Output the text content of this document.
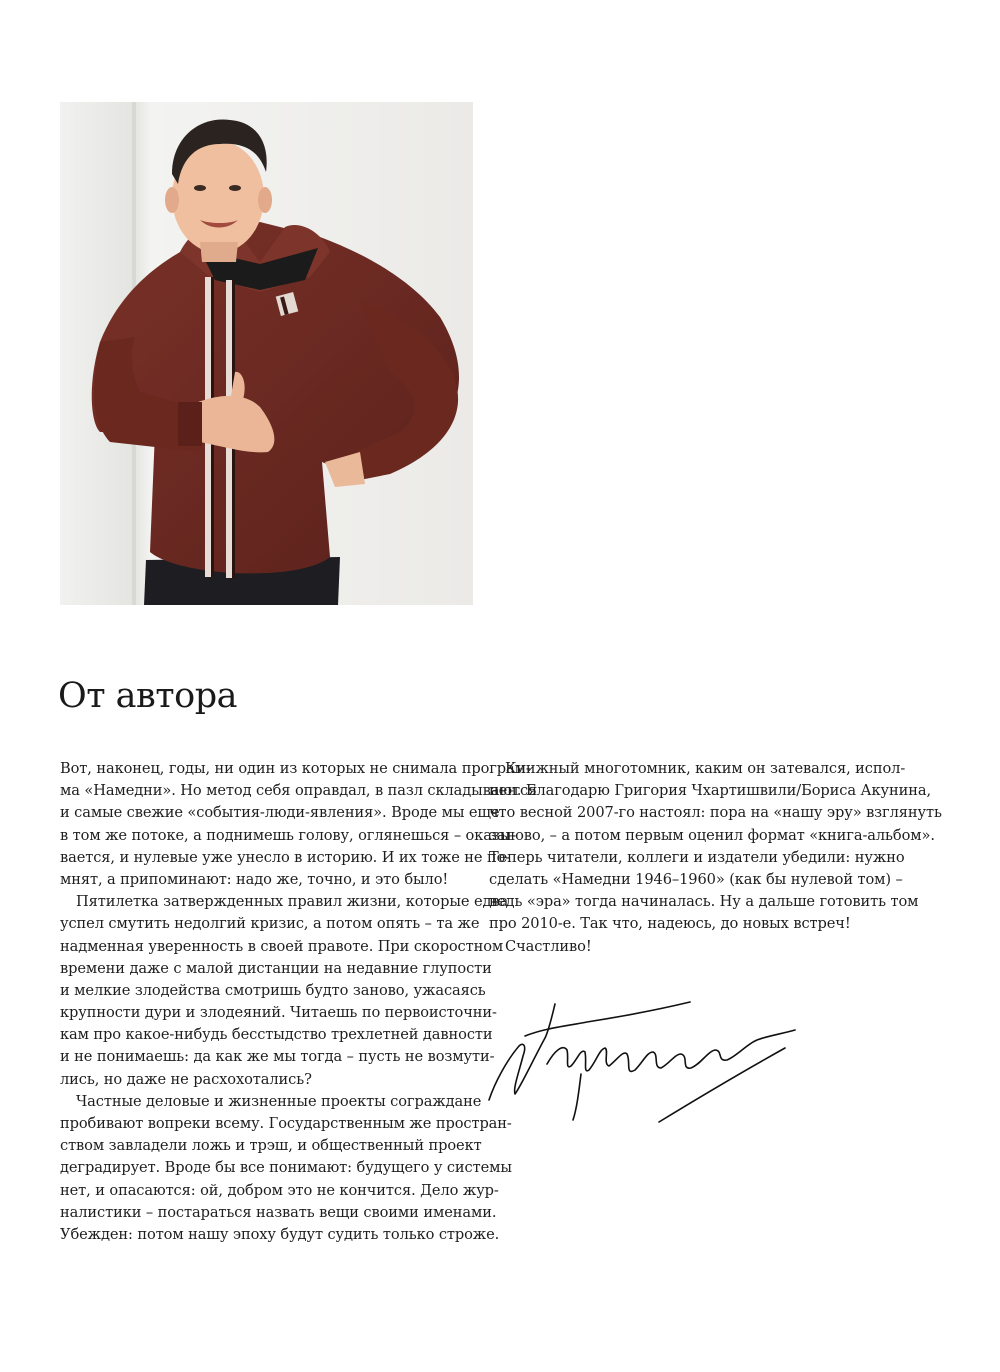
От автора
Вот, наконец, годы, ни один из которых не снимала програм-
ма «Намедни». Но метод себя оправдал, в пазл складываются
и самые свежие «события-люди-явления». Вроде мы еще
в том же потоке, а поднимешь голову, оглянешься – оказы-
вается, и нулевые уже унесло в историю. И их тоже не по-
мнят, а припоминают: надо же, точно, и это было!
Пятилетка затвержденных правил жизни, которые едва
успел смутить недолгий кризис, а потом опять – та же
надменная уверенность в своей правоте. При скоростном
времени даже с малой дистанции на недавние глупости
и мелкие злодейства смотришь будто заново, ужасаясь
крупности дури и злодеяний. Читаешь по первоисточни-
кам про какое-нибудь бесстыдство трехлетней давности
и не понимаешь: да как же мы тогда – пусть не возмути-
лись, но даже не расхохотались?
Частные деловые и жизненные проекты сограждане
пробивают вопреки всему. Государственным же простран-
ством завладели ложь и трэш, и общественный проект
деградирует. Вроде бы все понимают: будущего у системы
нет, и опасаются: ой, добром это не кончится. Дело жур-
налистики – постараться назвать вещи своими именами.
Убежден: потом нашу эпоху будут судить только строже.
Книжный многотомник, каким он затевался, испол-
нен. Благодарю Григория Чхартишвили/Бориса Акунина,
что весной 2007-го настоял: пора на «нашу эру» взглянуть
заново, – а потом первым оценил формат «книга-альбом».
Теперь читатели, коллеги и издатели убедили: нужно
сделать «Намедни 1946–1960» (как бы нулевой том) –
ведь «эра» тогда начиналась. Ну а дальше готовить том
про 2010-е. Так что, надеюсь, до новых встреч!
Счастливо!
